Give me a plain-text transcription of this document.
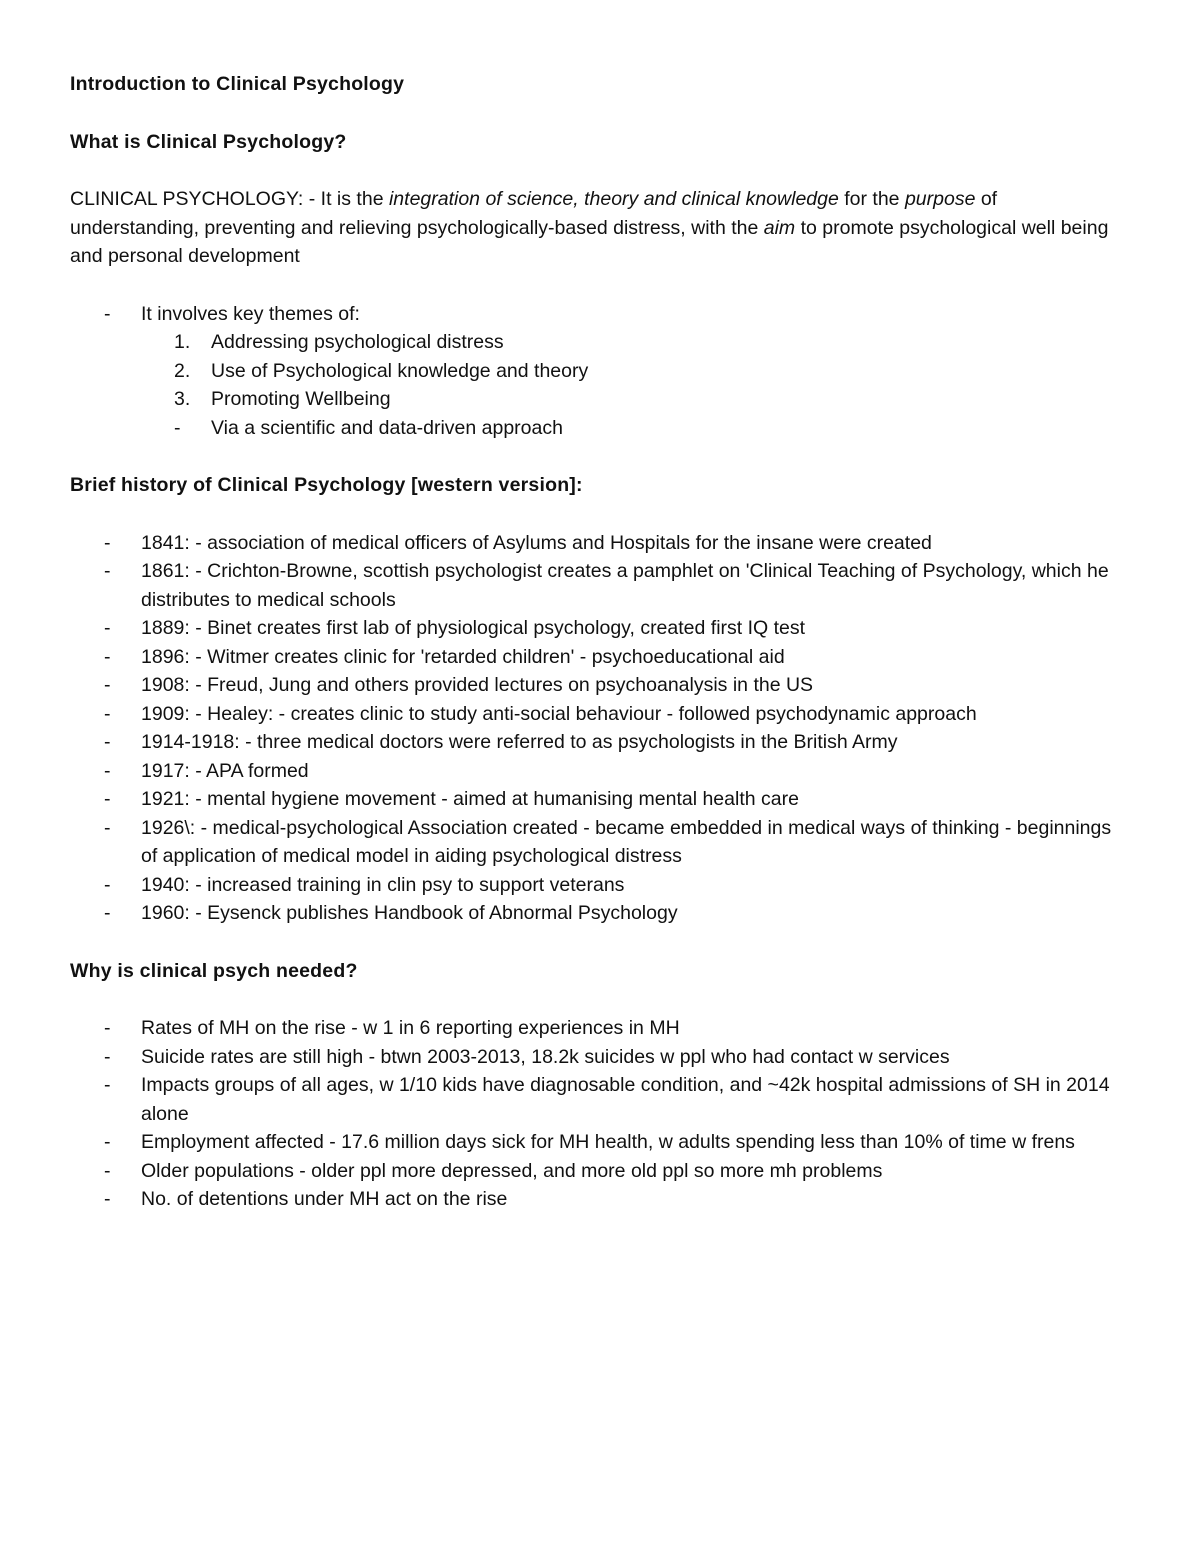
Introduction to Clinical Psychology

What is Clinical Psychology?

CLINICAL PSYCHOLOGY: - It is the integration of science, theory and clinical knowledge for the purpose of understanding, preventing and relieving psychologically-based distress, with the aim to promote psychological well being and personal development

- It involves key themes of:
1. Addressing psychological distress
2. Use of Psychological knowledge and theory
3. Promoting Wellbeing
- Via a scientific and data-driven approach

Brief history of Clinical Psychology [western version]:

- 1841: - association of medical officers of Asylums and Hospitals for the insane were created
- 1861: - Crichton-Browne, scottish psychologist creates a pamphlet on 'Clinical Teaching of Psychology, which he distributes to medical schools
- 1889: - Binet creates first lab of physiological psychology, created first IQ test
- 1896: - Witmer creates clinic for 'retarded children' - psychoeducational aid
- 1908: - Freud, Jung and others provided lectures on psychoanalysis in the US
- 1909: - Healey: - creates clinic to study anti-social behaviour - followed psychodynamic approach
- 1914-1918: - three medical doctors were referred to as psychologists in the British Army
- 1917: - APA formed
- 1921: - mental hygiene movement - aimed at humanising mental health care
- 1926\: - medical-psychological Association created - became embedded in medical ways of thinking - beginnings of application of medical model in aiding psychological distress
- 1940: - increased training in clin psy to support veterans
- 1960: - Eysenck publishes Handbook of Abnormal Psychology

Why is clinical psych needed?

- Rates of MH on the rise - w 1 in 6 reporting experiences in MH
- Suicide rates are still high - btwn 2003-2013, 18.2k suicides w ppl who had contact w services
- Impacts groups of all ages, w 1/10 kids have diagnosable condition, and ~42k hospital admissions of SH in 2014 alone
- Employment affected - 17.6 million days sick for MH health, w adults spending less than 10% of time w frens
- Older populations - older ppl more depressed, and more old ppl so more mh problems
- No. of detentions under MH act on the rise
